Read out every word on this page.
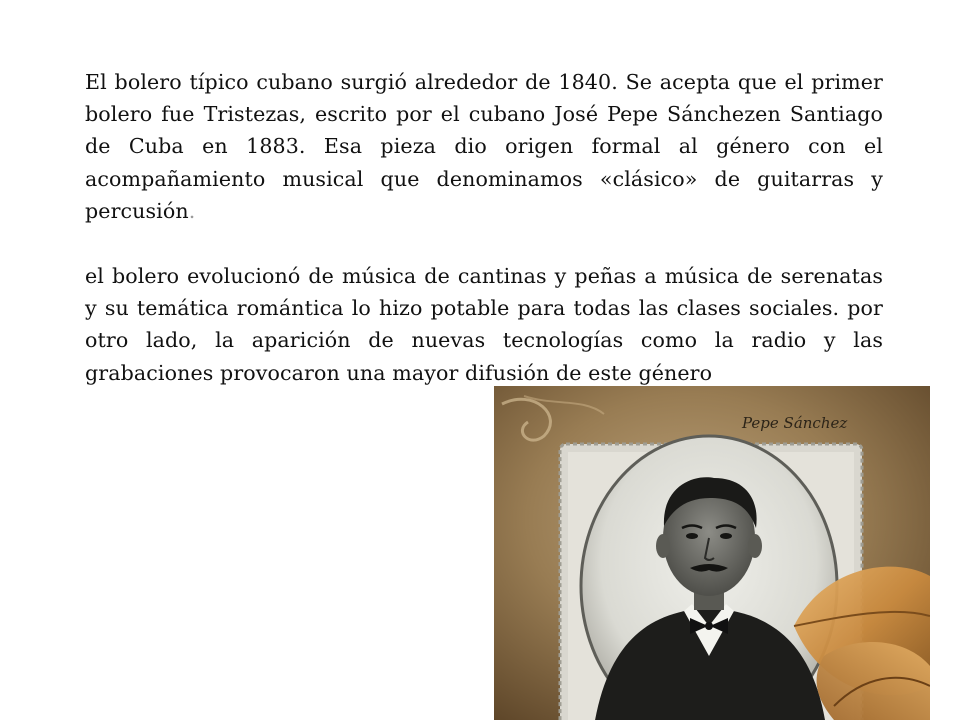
El bolero típico cubano surgió alrededor de 1840. Se acepta que el primer bolero fue Tristezas, escrito por el cubano José Pepe Sánchezen Santiago de Cuba en 1883. Esa pieza dio origen formal al género con el acompañamiento musical que denominamos «clásico» de guitarras y percusión.

el bolero evolucionó de música de cantinas y peñas a música de serenatas y su temática romántica lo hizo potable para todas las clases sociales. por otro lado, la aparición de nuevas tecnologías como la radio y las grabaciones provocaron una mayor difusión de este género

Pepe Sánchez
